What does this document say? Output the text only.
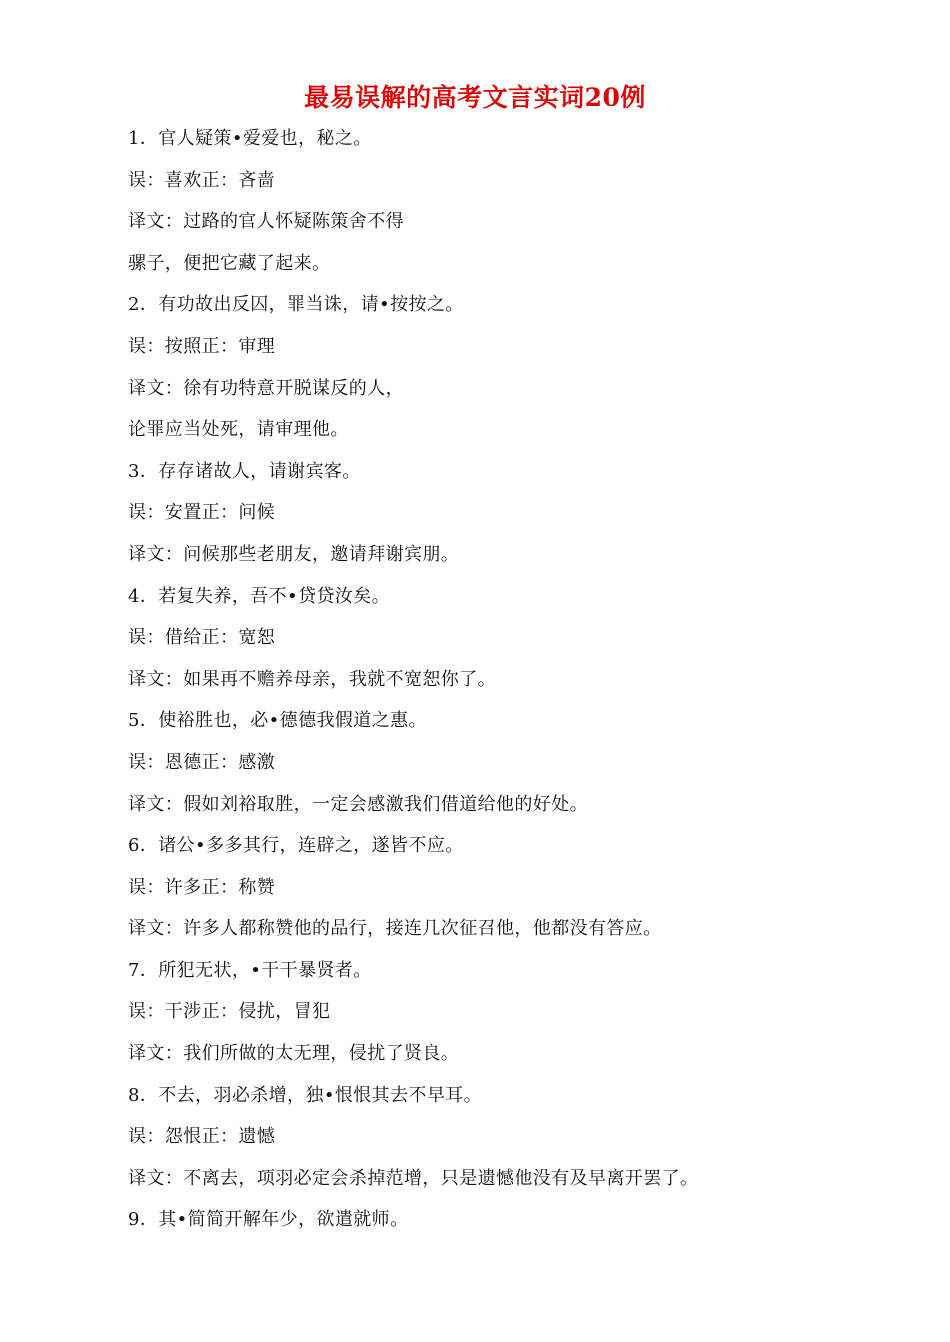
最易误解的高考文言实词20例
1．官人疑策•爱爱也，秘之。
误：喜欢正：吝啬
译文：过路的官人怀疑陈策舍不得
骡子，便把它藏了起来。
2．有功故出反囚，罪当诛，请•按按之。
误：按照正：审理
译文：徐有功特意开脱谋反的人，
论罪应当处死，请审理他。
3．存存诸故人，请谢宾客。
误：安置正：问候
译文：问候那些老朋友，邀请拜谢宾朋。
4．若复失养，吾不•贷贷汝矣。
误：借给正：宽恕
译文：如果再不赡养母亲，我就不宽恕你了。
5．使裕胜也，必•德德我假道之惠。
误：恩德正：感激
译文：假如刘裕取胜，一定会感激我们借道给他的好处。
6．诸公•多多其行，连辟之，遂皆不应。
误：许多正：称赞
译文：许多人都称赞他的品行，接连几次征召他，他都没有答应。
7．所犯无状，•干干暴贤者。
误：干涉正：侵扰，冒犯
译文：我们所做的太无理，侵扰了贤良。
8．不去，羽必杀增，独•恨恨其去不早耳。
误：怨恨正：遗憾
译文：不离去，项羽必定会杀掉范增，只是遗憾他没有及早离开罢了。
9．其•简简开解年少，欲遣就师。
